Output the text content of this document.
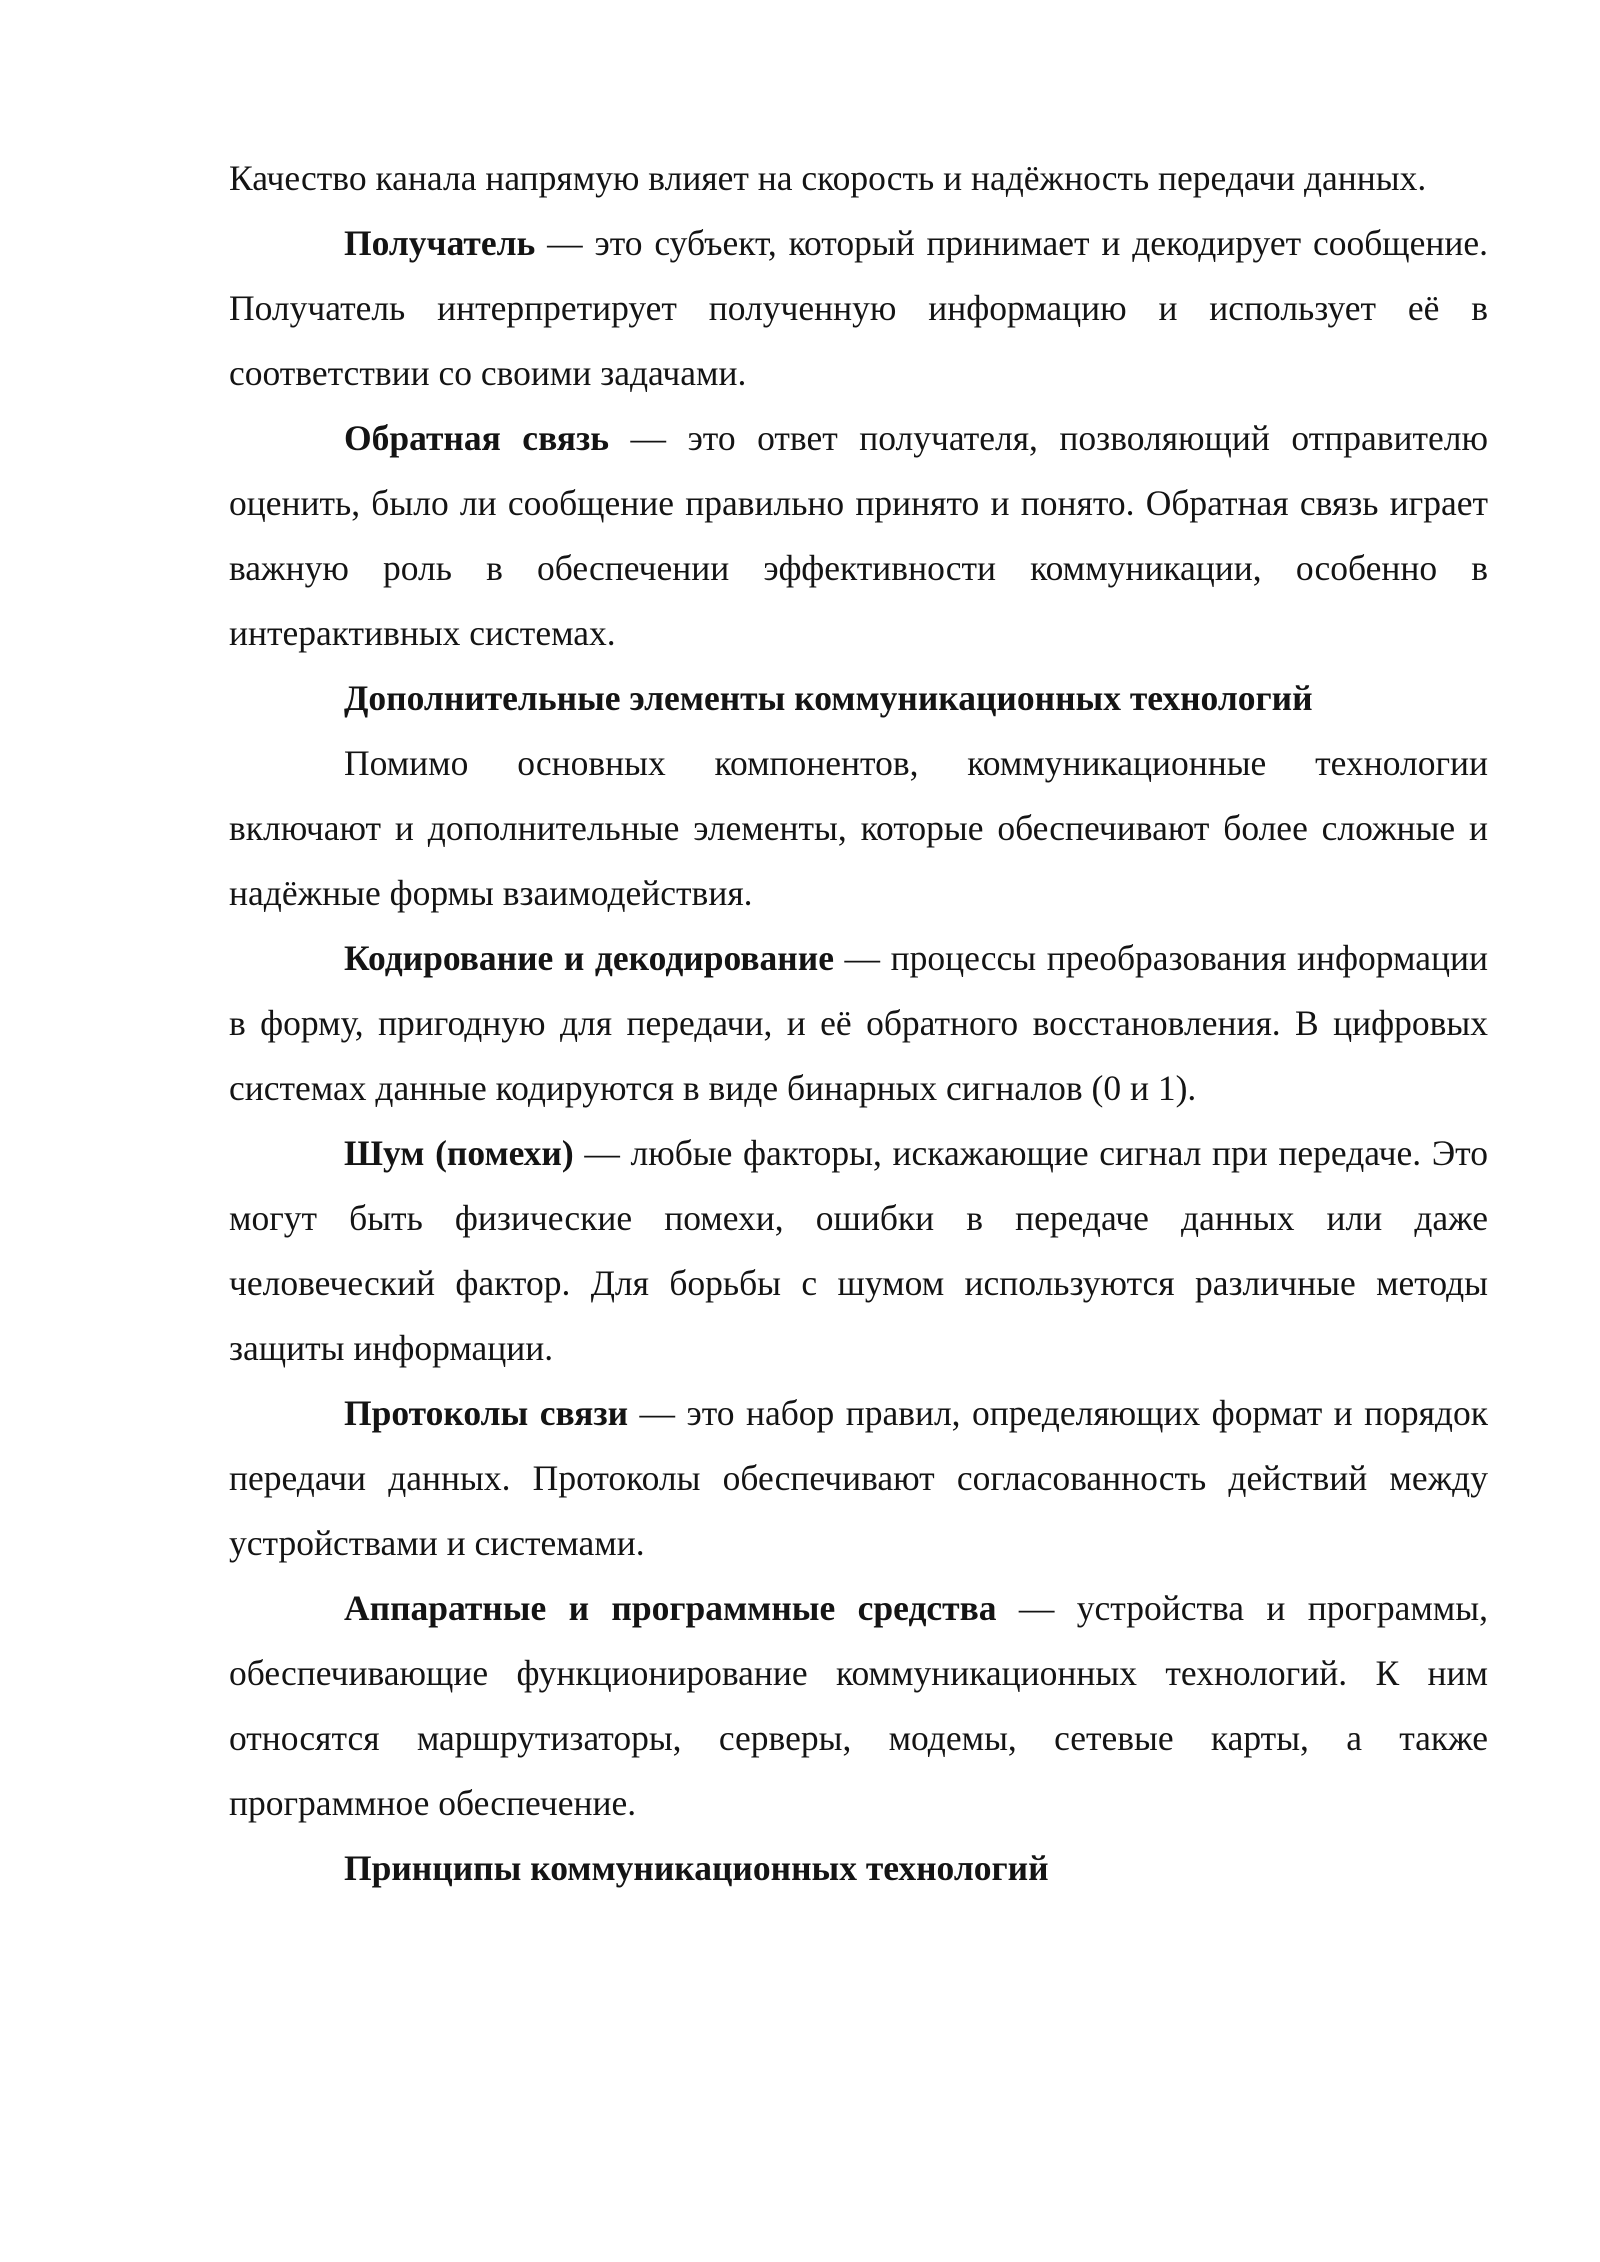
Качество канала напрямую влияет на скорость и надёжность передачи данных.

Получатель — это субъект, который принимает и декодирует сообщение. Получатель интерпретирует полученную информацию и использует её в соответствии со своими задачами.

Обратная связь — это ответ получателя, позволяющий отправителю оценить, было ли сообщение правильно принято и понято. Обратная связь играет важную роль в обеспечении эффективности коммуникации, особенно в интерактивных системах.

Дополнительные элементы коммуникационных технологий

Помимо основных компонентов, коммуникационные технологии включают и дополнительные элементы, которые обеспечивают более сложные и надёжные формы взаимодействия.

Кодирование и декодирование — процессы преобразования информации в форму, пригодную для передачи, и её обратного восстановления. В цифровых системах данные кодируются в виде бинарных сигналов (0 и 1).

Шум (помехи) — любые факторы, искажающие сигнал при передаче. Это могут быть физические помехи, ошибки в передаче данных или даже человеческий фактор. Для борьбы с шумом используются различные методы защиты информации.

Протоколы связи — это набор правил, определяющих формат и порядок передачи данных. Протоколы обеспечивают согласованность действий между устройствами и системами.

Аппаратные и программные средства — устройства и программы, обеспечивающие функционирование коммуникационных технологий. К ним относятся маршрутизаторы, серверы, модемы, сетевые карты, а также программное обеспечение.

Принципы коммуникационных технологий
